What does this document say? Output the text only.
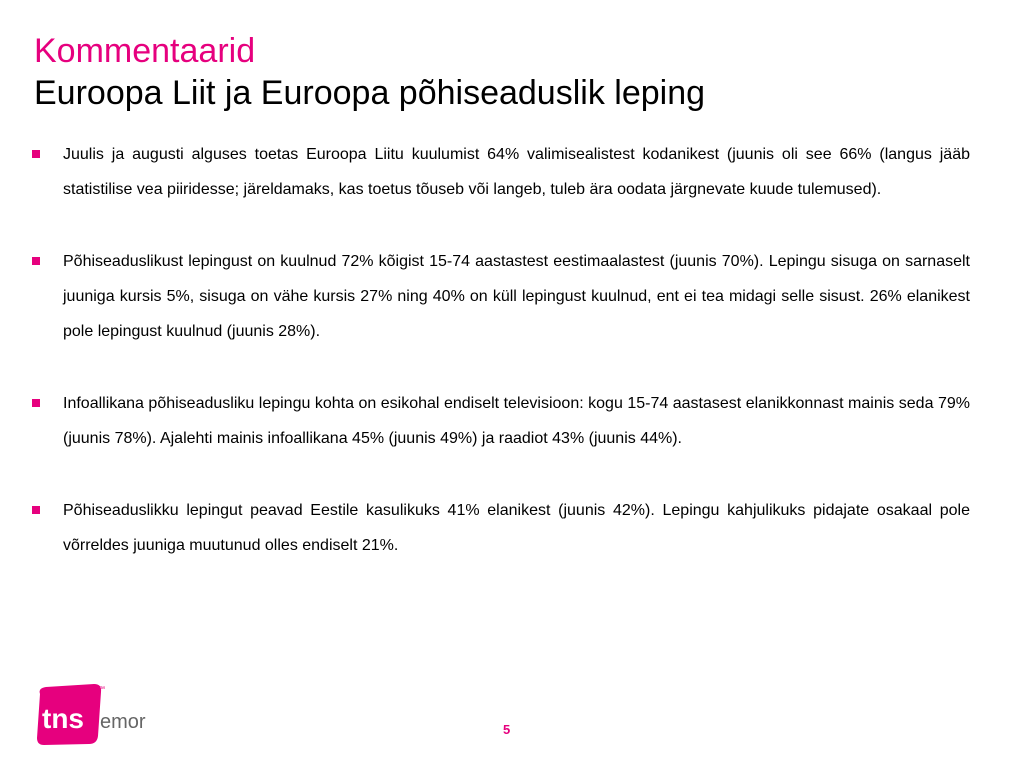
Kommentaarid
Euroopa Liit ja Euroopa põhiseaduslik leping
Juulis ja augusti alguses toetas Euroopa Liitu kuulumist 64% valimisealistest kodanikest (juunis oli see 66% (langus jääb statistilise vea piiridesse; järeldamaks, kas toetus tõuseb või langeb, tuleb ära oodata järgnevate kuude tulemused).
Põhiseaduslikust lepingust on kuulnud 72% kõigist 15-74 aastastest eestimaalastest (juunis 70%). Lepingu sisuga on sarnaselt juuniga kursis 5%, sisuga on vähe kursis 27% ning 40% on küll lepingust kuulnud, ent ei tea midagi selle sisust. 26% elanikest pole lepingust kuulnud (juunis 28%).
Infoallikana põhiseadusliku lepingu kohta on esikohal endiselt televisioon: kogu 15-74 aastasest elanikkonnast mainis seda 79% (juunis 78%). Ajalehti mainis infoallikana 45% (juunis 49%) ja raadiot 43% (juunis 44%).
Põhiseaduslikku lepingut peavad Eestile kasulikuks 41% elanikest (juunis 42%). Lepingu kahjulikuks pidajate osakaal pole võrreldes juuniga muutunud olles endiselt 21%.
tns
™
emor	5
